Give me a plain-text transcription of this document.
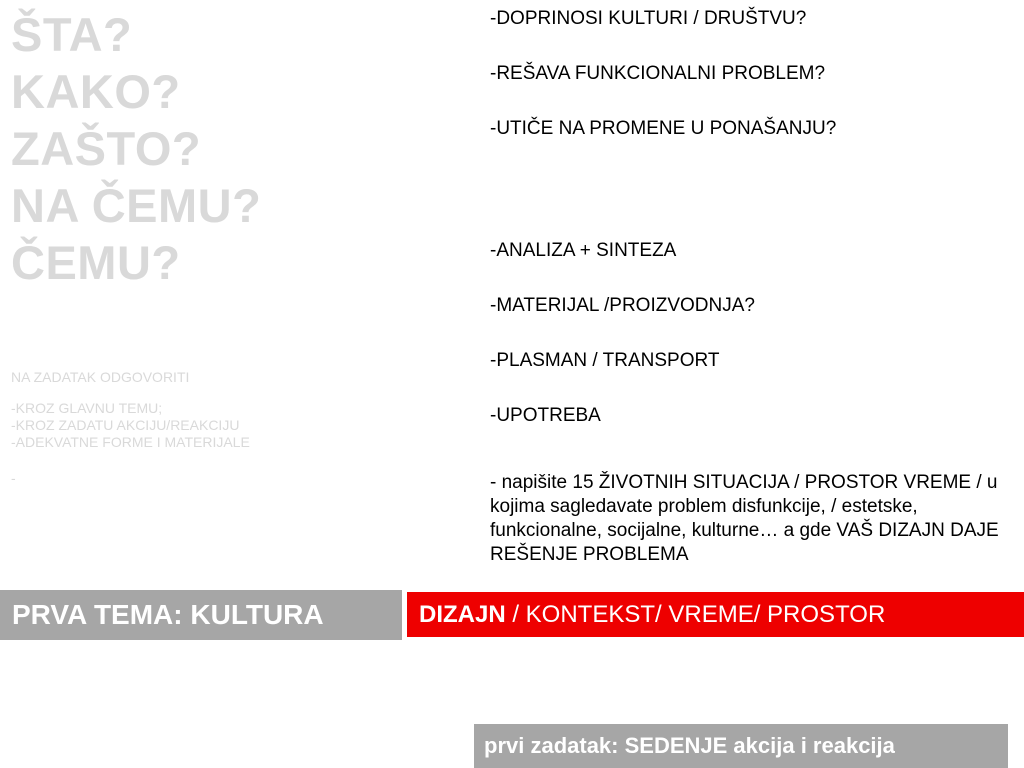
ŠTA?
KAKO?
ZAŠTO?
NA ČEMU?
ČEMU?
NA ZADATAK ODGOVORITI
-KROZ GLAVNU TEMU;
-KROZ ZADATU AKCIJU/REAKCIJU
-ADEKVATNE FORME I MATERIJALE
-
-DOPRINOSI KULTURI / DRUŠTVU?
-REŠAVA FUNKCIONALNI PROBLEM?
-UTIČE NA PROMENE U PONAŠANJU?
-ANALIZA + SINTEZA
-MATERIJAL /PROIZVODNJA?
-PLASMAN / TRANSPORT
-UPOTREBA
- napišite 15 ŽIVOTNIH SITUACIJA / PROSTOR VREME / u kojima sagledavate problem disfunkcije, / estetske, funkcionalne, socijalne, kulturne… a gde VAŠ DIZAJN DAJE REŠENJE PROBLEMA
PRVA TEMA: KULTURA	DIZAJN / KONTEKST/ VREME/ PROSTOR
prvi zadatak: SEDENJE akcija i reakcija
